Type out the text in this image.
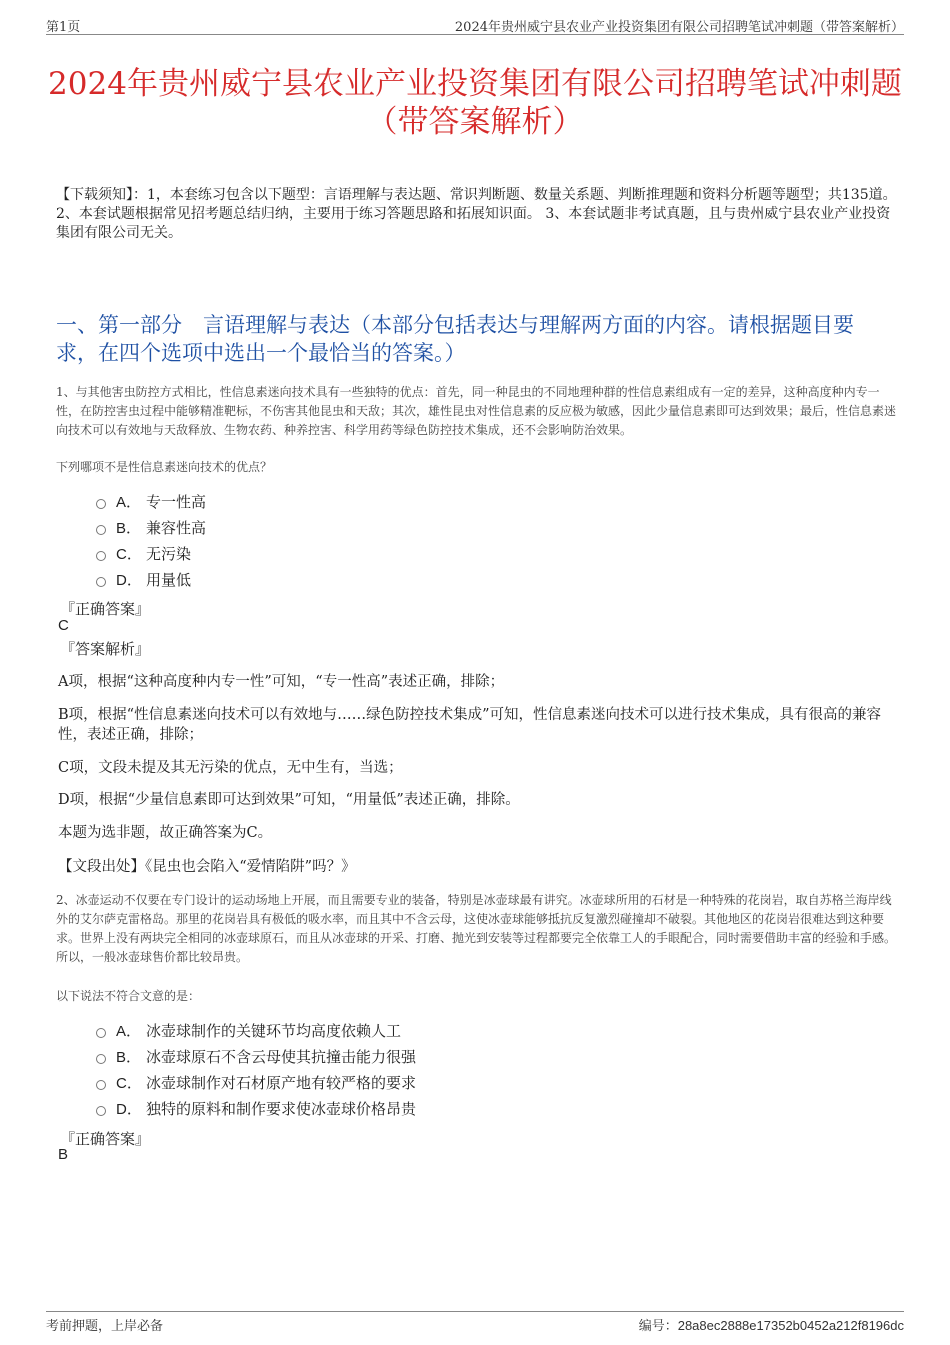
第1页	2024年贵州威宁县农业产业投资集团有限公司招聘笔试冲刺题（带答案解析）
2024年贵州威宁县农业产业投资集团有限公司招聘笔试冲刺题
（带答案解析）
【下载须知】：1，本套练习包含以下题型：言语理解与表达题、常识判断题、数量关系题、判断推理题和资料分析题等题型；共135道。 2、本套试题根据常见招考题总结归纳，主要用于练习答题思路和拓展知识面。 3、本套试题非考试真题，且与贵州威宁县农业产业投资集团有限公司无关。
一、第一部分　言语理解与表达（本部分包括表达与理解两方面的内容。请根据题目要求，在四个选项中选出一个最恰当的答案。）
1、与其他害虫防控方式相比，性信息素迷向技术具有一些独特的优点：首先，同一种昆虫的不同地理种群的性信息素组成有一定的差异，这种高度种内专一性，在防控害虫过程中能够精准靶标，不伤害其他昆虫和天敌；其次，雄性昆虫对性信息素的反应极为敏感，因此少量信息素即可达到效果；最后，性信息素迷向技术可以有效地与天敌释放、生物农药、种养控害、科学用药等绿色防控技术集成，还不会影响防治效果。
下列哪项不是性信息素迷向技术的优点？
A． 专一性高
B． 兼容性高
C． 无污染
D． 用量低
『正确答案』
C
『答案解析』
A项，根据“这种高度种内专一性”可知，“专一性高”表述正确，排除；
B项，根据“性信息素迷向技术可以有效地与……绿色防控技术集成”可知，性信息素迷向技术可以进行技术集成，具有很高的兼容性，表述正确，排除；
C项，文段未提及其无污染的优点，无中生有，当选；
D项，根据“少量信息素即可达到效果”可知，“用量低”表述正确，排除。
本题为选非题，故正确答案为C。
【文段出处】《昆虫也会陷入“爱情陷阱”吗？》
2、冰壶运动不仅要在专门设计的运动场地上开展，而且需要专业的装备，特别是冰壶球最有讲究。冰壶球所用的石材是一种特殊的花岗岩，取自苏格兰海岸线外的艾尔萨克雷格岛。那里的花岗岩具有极低的吸水率，而且其中不含云母，这使冰壶球能够抵抗反复激烈碰撞却不破裂。其他地区的花岗岩很难达到这种要求。世界上没有两块完全相同的冰壶球原石，而且从冰壶球的开采、打磨、抛光到安装等过程都要完全依靠工人的手眼配合，同时需要借助丰富的经验和手感。所以，一般冰壶球售价都比较昂贵。
以下说法不符合文意的是：
A． 冰壶球制作的关键环节均高度依赖人工
B． 冰壶球原石不含云母使其抗撞击能力很强
C． 冰壶球制作对石材原产地有较严格的要求
D． 独特的原料和制作要求使冰壶球价格昂贵
『正确答案』
B
考前押题，上岸必备	编号：28a8ec2888e17352b0452a212f8196dc
